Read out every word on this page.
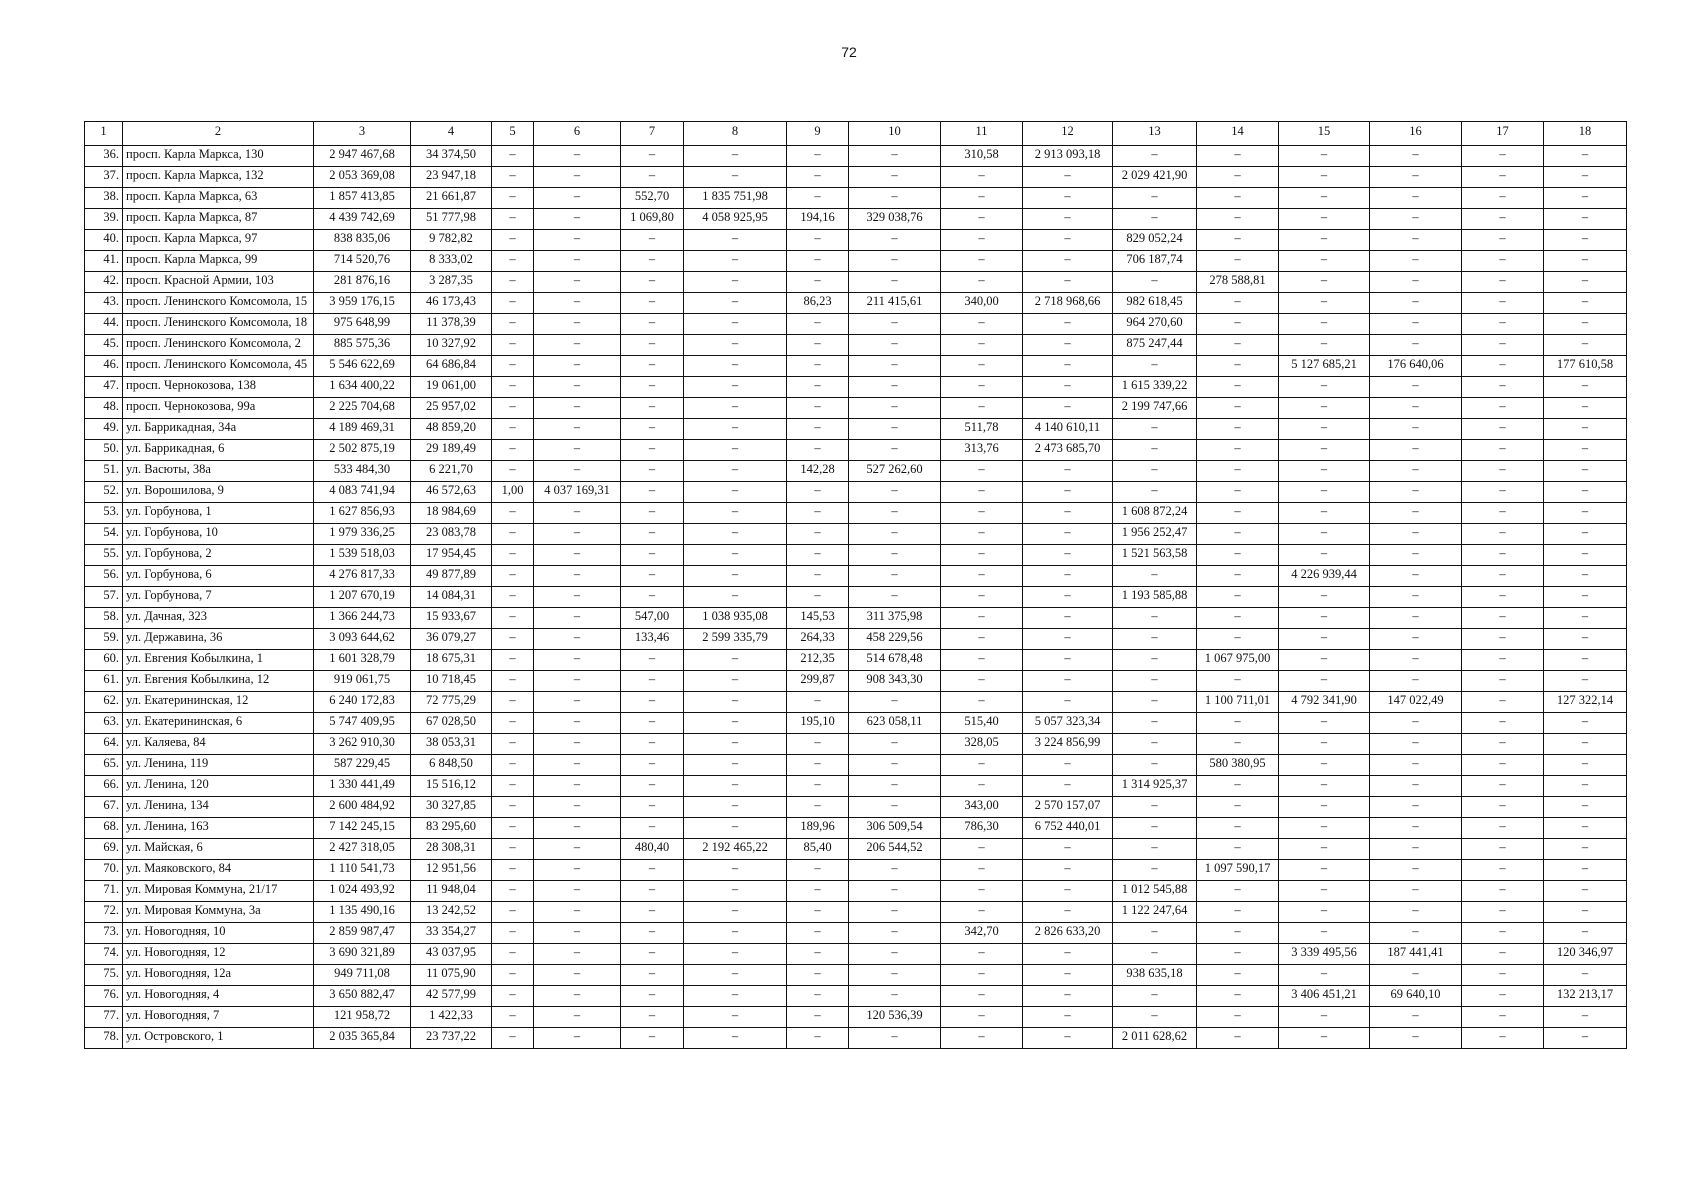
72
1	2	3	4	5	6	7	8	9	10	11	12	13	14	15	16	17	18
36.	просп. Карла Маркса, 130	2 947 467,68	34 374,50	–	–	–	–	–	–	310,58	2 913 093,18	–	–	–	–	–	–
37.	просп. Карла Маркса, 132	2 053 369,08	23 947,18	–	–	–	–	–	–	–	–	2 029 421,90	–	–	–	–	–
38.	просп. Карла Маркса, 63	1 857 413,85	21 661,87	–	–	552,70	1 835 751,98	–	–	–	–	–	–	–	–	–	–
39.	просп. Карла Маркса, 87	4 439 742,69	51 777,98	–	–	1 069,80	4 058 925,95	194,16	329 038,76	–	–	–	–	–	–	–	–
40.	просп. Карла Маркса, 97	838 835,06	9 782,82	–	–	–	–	–	–	–	–	829 052,24	–	–	–	–	–
41.	просп. Карла Маркса, 99	714 520,76	8 333,02	–	–	–	–	–	–	–	–	706 187,74	–	–	–	–	–
42.	просп. Красной Армии, 103	281 876,16	3 287,35	–	–	–	–	–	–	–	–	–	278 588,81	–	–	–	–
43.	просп. Ленинского Комсомола, 15	3 959 176,15	46 173,43	–	–	–	–	86,23	211 415,61	340,00	2 718 968,66	982 618,45	–	–	–	–	–
44.	просп. Ленинского Комсомола, 18	975 648,99	11 378,39	–	–	–	–	–	–	–	–	964 270,60	–	–	–	–	–
45.	просп. Ленинского Комсомола, 2	885 575,36	10 327,92	–	–	–	–	–	–	–	–	875 247,44	–	–	–	–	–
46.	просп. Ленинского Комсомола, 45	5 546 622,69	64 686,84	–	–	–	–	–	–	–	–	–	–	5 127 685,21	176 640,06	–	177 610,58
47.	просп. Чернокозова, 138	1 634 400,22	19 061,00	–	–	–	–	–	–	–	–	1 615 339,22	–	–	–	–	–
48.	просп. Чернокозова, 99а	2 225 704,68	25 957,02	–	–	–	–	–	–	–	–	2 199 747,66	–	–	–	–	–
49.	ул. Баррикадная, 34а	4 189 469,31	48 859,20	–	–	–	–	–	–	511,78	4 140 610,11	–	–	–	–	–	–
50.	ул. Баррикадная, 6	2 502 875,19	29 189,49	–	–	–	–	–	–	313,76	2 473 685,70	–	–	–	–	–	–
51.	ул. Васюты, 38а	533 484,30	6 221,70	–	–	–	–	142,28	527 262,60	–	–	–	–	–	–	–	–
52.	ул. Ворошилова, 9	4 083 741,94	46 572,63	1,00	4 037 169,31	–	–	–	–	–	–	–	–	–	–	–	–
53.	ул. Горбунова, 1	1 627 856,93	18 984,69	–	–	–	–	–	–	–	–	1 608 872,24	–	–	–	–	–
54.	ул. Горбунова, 10	1 979 336,25	23 083,78	–	–	–	–	–	–	–	–	1 956 252,47	–	–	–	–	–
55.	ул. Горбунова, 2	1 539 518,03	17 954,45	–	–	–	–	–	–	–	–	1 521 563,58	–	–	–	–	–
56.	ул. Горбунова, 6	4 276 817,33	49 877,89	–	–	–	–	–	–	–	–	–	–	4 226 939,44	–	–	–
57.	ул. Горбунова, 7	1 207 670,19	14 084,31	–	–	–	–	–	–	–	–	1 193 585,88	–	–	–	–	–
58.	ул. Дачная, 323	1 366 244,73	15 933,67	–	–	547,00	1 038 935,08	145,53	311 375,98	–	–	–	–	–	–	–	–
59.	ул. Державина, 36	3 093 644,62	36 079,27	–	–	133,46	2 599 335,79	264,33	458 229,56	–	–	–	–	–	–	–	–
60.	ул. Евгения Кобылкина, 1	1 601 328,79	18 675,31	–	–	–	–	212,35	514 678,48	–	–	–	1 067 975,00	–	–	–	–
61.	ул. Евгения Кобылкина, 12	919 061,75	10 718,45	–	–	–	–	299,87	908 343,30	–	–	–	–	–	–	–	–
62.	ул. Екатерининская, 12	6 240 172,83	72 775,29	–	–	–	–	–	–	–	–	–	1 100 711,01	4 792 341,90	147 022,49	–	127 322,14
63.	ул. Екатерининская, 6	5 747 409,95	67 028,50	–	–	–	–	195,10	623 058,11	515,40	5 057 323,34	–	–	–	–	–	–
64.	ул. Каляева, 84	3 262 910,30	38 053,31	–	–	–	–	–	–	328,05	3 224 856,99	–	–	–	–	–	–
65.	ул. Ленина, 119	587 229,45	6 848,50	–	–	–	–	–	–	–	–	–	580 380,95	–	–	–	–
66.	ул. Ленина, 120	1 330 441,49	15 516,12	–	–	–	–	–	–	–	–	1 314 925,37	–	–	–	–	–
67.	ул. Ленина, 134	2 600 484,92	30 327,85	–	–	–	–	–	–	343,00	2 570 157,07	–	–	–	–	–	–
68.	ул. Ленина, 163	7 142 245,15	83 295,60	–	–	–	–	189,96	306 509,54	786,30	6 752 440,01	–	–	–	–	–	–
69.	ул. Майская, 6	2 427 318,05	28 308,31	–	–	480,40	2 192 465,22	85,40	206 544,52	–	–	–	–	–	–	–	–
70.	ул. Маяковского, 84	1 110 541,73	12 951,56	–	–	–	–	–	–	–	–	–	1 097 590,17	–	–	–	–
71.	ул. Мировая Коммуна, 21/17	1 024 493,92	11 948,04	–	–	–	–	–	–	–	–	1 012 545,88	–	–	–	–	–
72.	ул. Мировая Коммуна, 3а	1 135 490,16	13 242,52	–	–	–	–	–	–	–	–	1 122 247,64	–	–	–	–	–
73.	ул. Новогодняя, 10	2 859 987,47	33 354,27	–	–	–	–	–	–	342,70	2 826 633,20	–	–	–	–	–	–
74.	ул. Новогодняя, 12	3 690 321,89	43 037,95	–	–	–	–	–	–	–	–	–	–	3 339 495,56	187 441,41	–	120 346,97
75.	ул. Новогодняя, 12а	949 711,08	11 075,90	–	–	–	–	–	–	–	–	938 635,18	–	–	–	–	–
76.	ул. Новогодняя, 4	3 650 882,47	42 577,99	–	–	–	–	–	–	–	–	–	–	3 406 451,21	69 640,10	–	132 213,17
77.	ул. Новогодняя, 7	121 958,72	1 422,33	–	–	–	–	–	120 536,39	–	–	–	–	–	–	–	–
78.	ул. Островского, 1	2 035 365,84	23 737,22	–	–	–	–	–	–	–	–	2 011 628,62	–	–	–	–	–
